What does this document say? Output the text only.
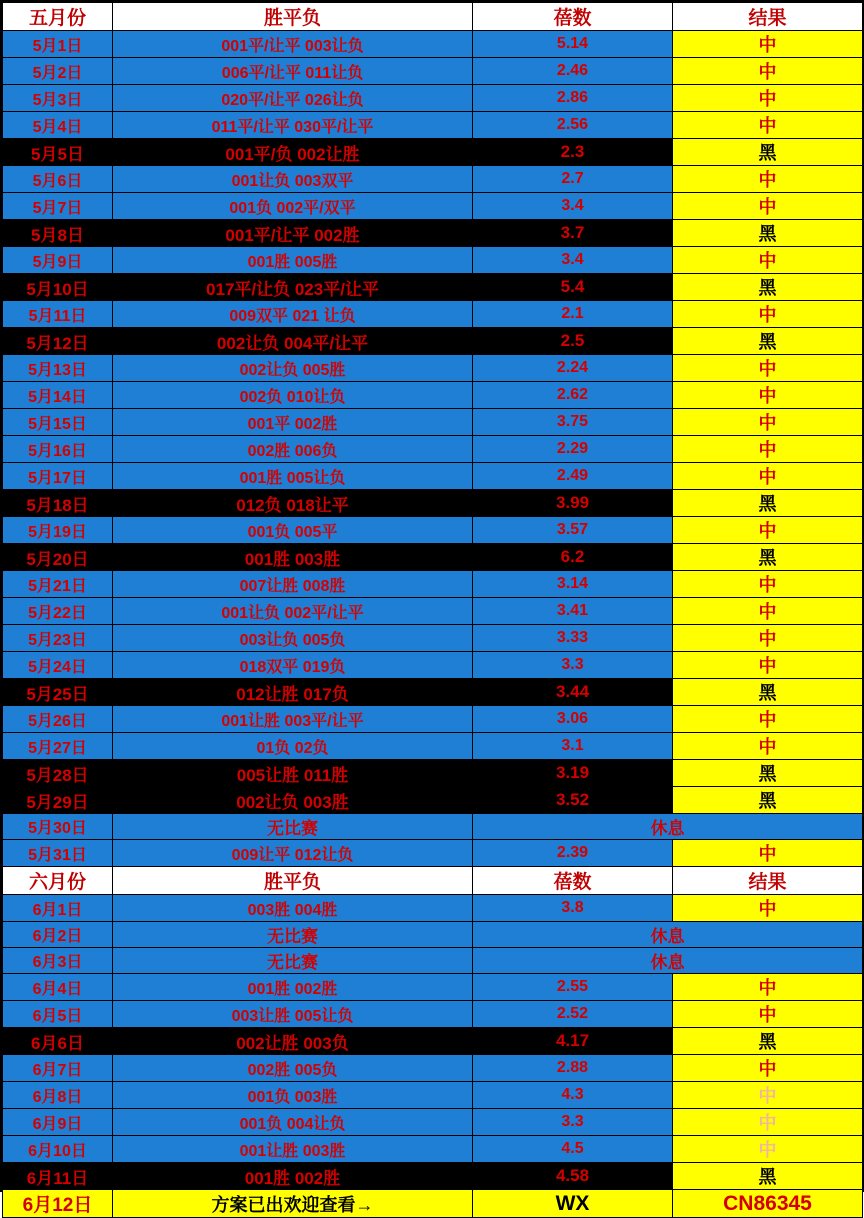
五月份	胜平负	蓓数	结果
5月1日	001平/让平 003让负	5.14	中
5月2日	006平/让平 011让负	2.46	中
5月3日	020平/让平 026让负	2.86	中
5月4日	011平/让平 030平/让平	2.56	中
5月5日	001平/负 002让胜	2.3	黑
5月6日	001让负 003双平	2.7	中
5月7日	001负 002平/双平	3.4	中
5月8日	001平/让平 002胜	3.7	黑
5月9日	001胜 005胜	3.4	中
5月10日	017平/让负 023平/让平	5.4	黑
5月11日	009双平 021 让负	2.1	中
5月12日	002让负 004平/让平	2.5	黑
5月13日	002让负 005胜	2.24	中
5月14日	002负 010让负	2.62	中
5月15日	001平 002胜	3.75	中
5月16日	002胜 006负	2.29	中
5月17日	001胜 005让负	2.49	中
5月18日	012负 018让平	3.99	黑
5月19日	001负 005平	3.57	中
5月20日	001胜 003胜	6.2	黑
5月21日	007让胜 008胜	3.14	中
5月22日	001让负 002平/让平	3.41	中
5月23日	003让负 005负	3.33	中
5月24日	018双平 019负	3.3	中
5月25日	012让胜 017负	3.44	黑
5月26日	001让胜 003平/让平	3.06	中
5月27日	01负 02负	3.1	中
5月28日	005让胜 011胜	3.19	黑
5月29日	002让负 003胜	3.52	黑
5月30日	无比赛	休息	
5月31日	009让平 012让负	2.39	中
六月份	胜平负	蓓数	结果
6月1日	003胜 004胜	3.8	中
6月2日	无比赛	休息	
6月3日	无比赛	休息	
6月4日	001胜 002胜	2.55	中
6月5日	003让胜 005让负	2.52	中
6月6日	002让胜 003负	4.17	黑
6月7日	002胜 005负	2.88	中
6月8日	001负 003胜	4.3	中
6月9日	001负 004让负	3.3	中
6月10日	001让胜 003胜	4.5	中
6月11日	001胜 002胜	4.58	黑
6月12日	方案已出欢迎查看→	WX	CN86345
